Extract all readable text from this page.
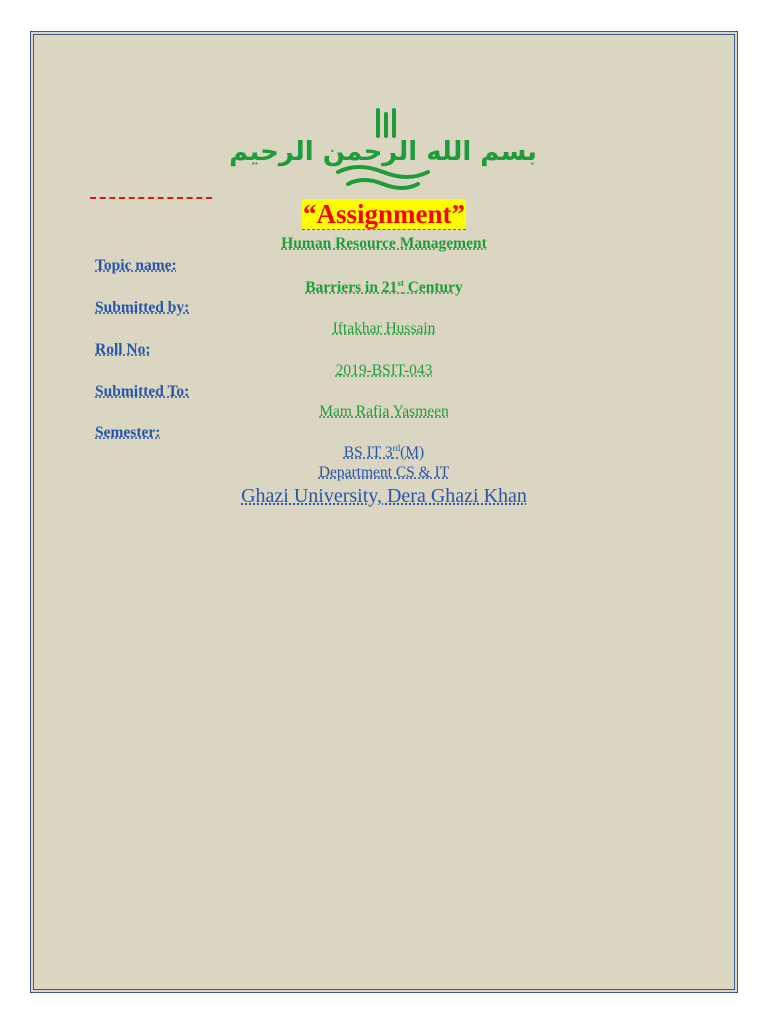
بسم الله الرحمن الرحيم
“Assignment”
Human Resource Management
Topic name:
Submitted by:
Roll No:
Submitted To:
Semester:
Barriers in 21st Century
Iftakhar Hussain
2019-BSIT-043
Mam Rafia Yasmeen
BS IT 3rd(M)
Department CS & IT
Ghazi University, Dera Ghazi Khan
